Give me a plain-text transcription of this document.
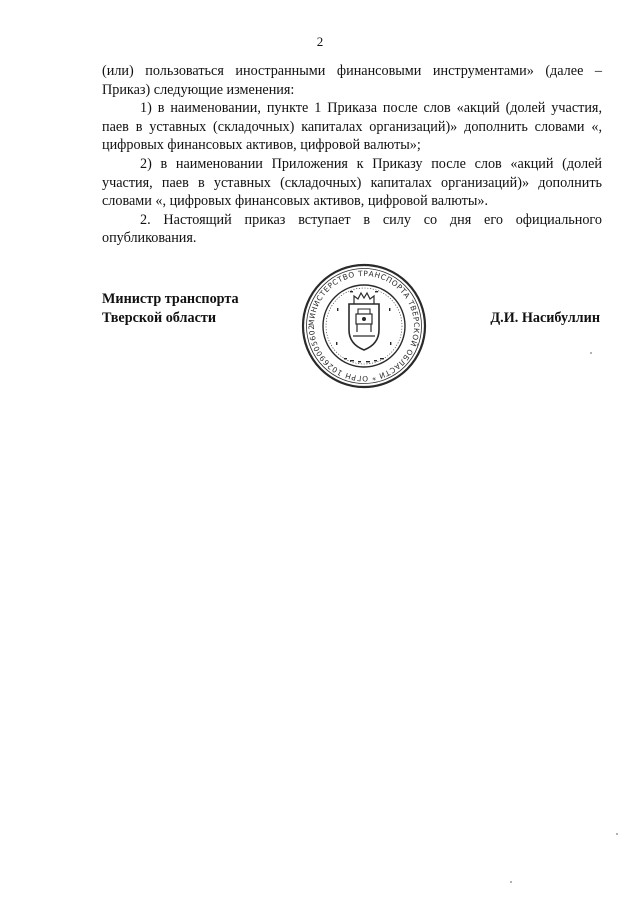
2

(или) пользоваться иностранными финансовыми инструментами» (далее – Приказ) следующие изменения:

1) в наименовании, пункте 1 Приказа после слов «акций (долей участия, паев в уставных (складочных) капиталах организаций)» дополнить словами «, цифровых финансовых активов, цифровой валюты»;

2) в наименовании Приложения к Приказу после слов «акций (долей участия, паев в уставных (складочных) капиталах организаций)» дополнить словами «, цифровых финансовых активов, цифровой валюты».

2. Настоящий приказ вступает в силу со дня его официального опубликования.

Министр транспорта
Тверской области	Д.И. Насибуллин
МИНИСТЕРСТВО ТРАНСПОРТА ТВЕРСКОЙ ОБЛАСТИ * ОГРН 10269005602
